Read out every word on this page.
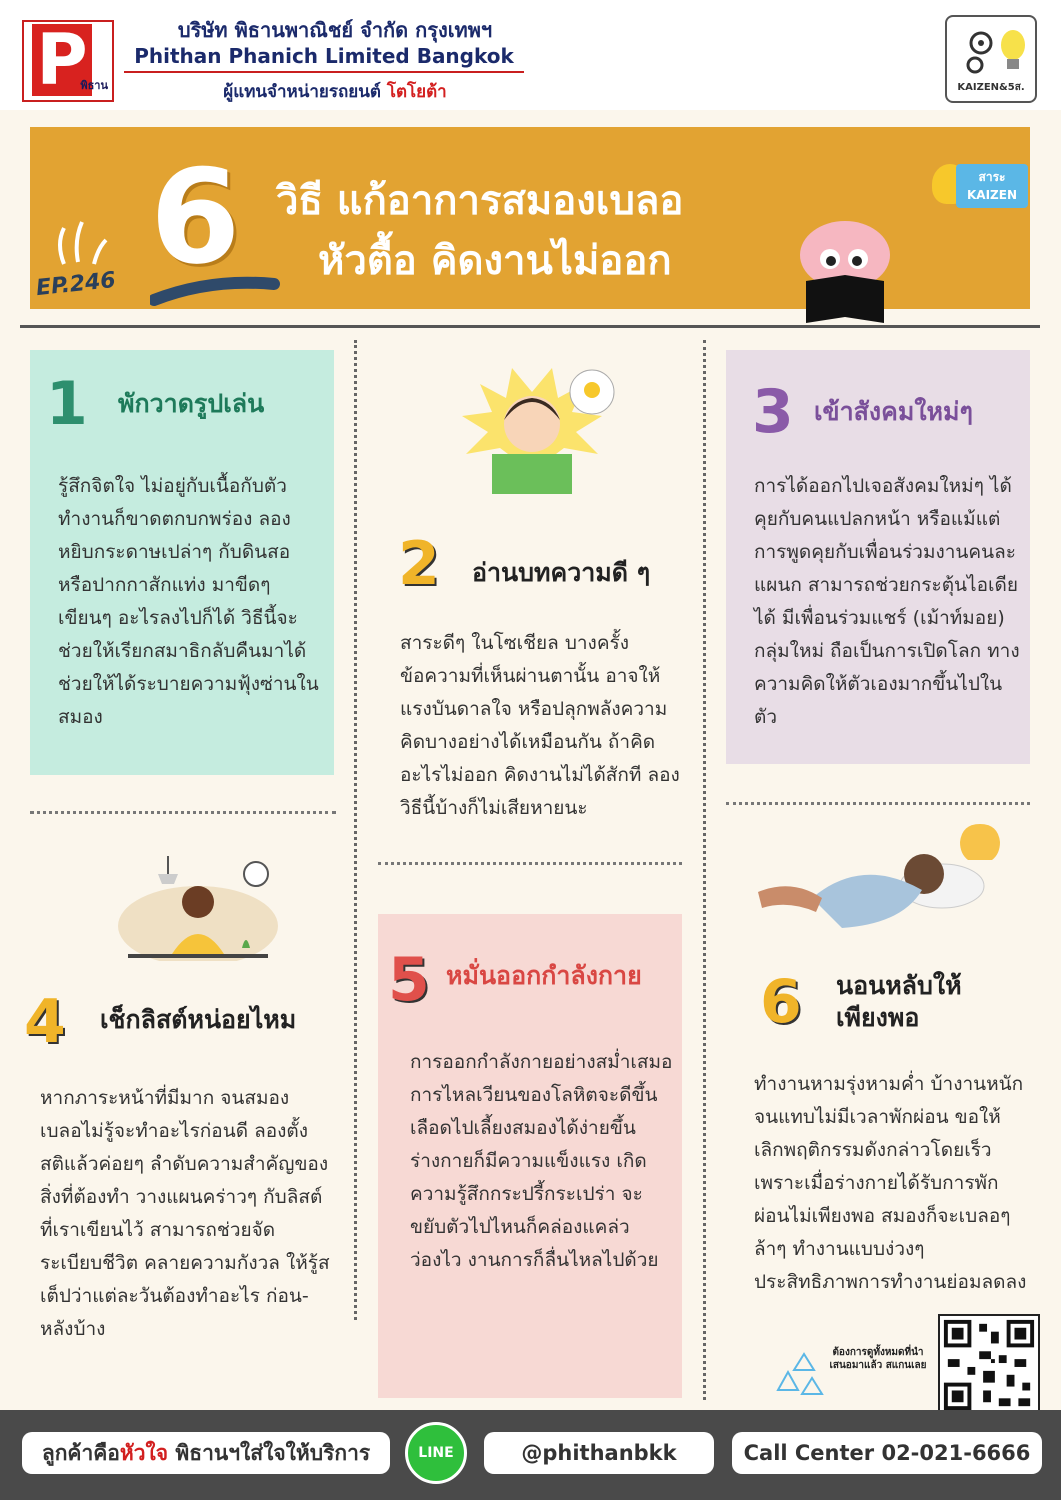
P
พิธาน
บริษัท พิธานพาณิชย์ จำกัด กรุงเทพฯ
Phithan Phanich Limited Bangkok
ผู้แทนจำหน่ายรถยนต์ โตโยต้า	KAIZEN&5ส.
6 วิธี แก้อาการสมองเบลอ
หัวตื้อ คิดงานไม่ออก
EP.246
สาระ
KAIZEN
1 พักวาดรูปเล่น
รู้สึกจิตใจ ไม่อยู่กับเนื้อกับตัว ทำงานก็ขาดตกบกพร่อง ลองหยิบกระดาษเปล่าๆ กับดินสอ หรือปากกาสักแท่ง มาขีดๆ เขียนๆ อะไรลงไปก็ได้ วิธีนี้จะช่วยให้เรียกสมาธิกลับคืนมาได้ ช่วยให้ได้ระบายความฟุ้งซ่านในสมอง
2 อ่านบทความดี ๆ
สาระดีๆ ในโซเชียล บางครั้งข้อความที่เห็นผ่านตานั้น อาจให้แรงบันดาลใจ หรือปลุกพลังความคิดบางอย่างได้เหมือนกัน ถ้าคิดอะไรไม่ออก คิดงานไม่ได้สักที ลองวิธีนี้บ้างก็ไม่เสียหายนะ
3 เข้าสังคมใหม่ๆ
การได้ออกไปเจอสังคมใหม่ๆ ได้คุยกับคนแปลกหน้า หรือแม้แต่การพูดคุยกับเพื่อนร่วมงานคนละแผนก สามารถช่วยกระตุ้นไอเดียได้ มีเพื่อนร่วมแชร์ (เม้าท์มอย) กลุ่มใหม่ ถือเป็นการเปิดโลก ทางความคิดให้ตัวเองมากขึ้นไปในตัว
4 เช็กลิสต์หน่อยไหม
หากภาระหน้าที่มีมาก จนสมองเบลอไม่รู้จะทำอะไรก่อนดี ลองตั้งสติแล้วค่อยๆ ลำดับความสำคัญของสิ่งที่ต้องทำ วางแผนคร่าวๆ กับลิสต์ที่เราเขียนไว้ สามารถช่วยจัดระเบียบชีวิต คลายความกังวล ให้รู้สเต็ปว่าแต่ละวันต้องทำอะไร ก่อน-หลังบ้าง
5 หมั่นออกกำลังกาย
การออกกำลังกายอย่างสม่ำเสมอ การไหลเวียนของโลหิตจะดีขึ้น เลือดไปเลี้ยงสมองได้ง่ายขึ้น ร่างกายก็มีความแข็งแรง เกิดความรู้สึกกระปรี้กระเปร่า จะขยับตัวไปไหนก็คล่องแคล่ว ว่องไว งานการก็ลื่นไหลไปด้วย
6 นอนหลับให้เพียงพอ
ทำงานหามรุ่งหามค่ำ บ้างานหนัก จนแทบไม่มีเวลาพักผ่อน ขอให้เลิกพฤติกรรมดังกล่าวโดยเร็ว เพราะเมื่อร่างกายได้รับการพักผ่อนไม่เพียงพอ สมองก็จะเบลอๆ ล้าๆ ทำงานแบบง่วงๆ ประสิทธิภาพการทำงานย่อมลดลง
ต้องการดูทั้งหมดที่นำเสนอมาแล้ว สแกนเลย
ลูกค้าคือหัวใจ พิธานฯใส่ใจให้บริการ	LINE	@phithanbkk	Call Center 02-021-6666
